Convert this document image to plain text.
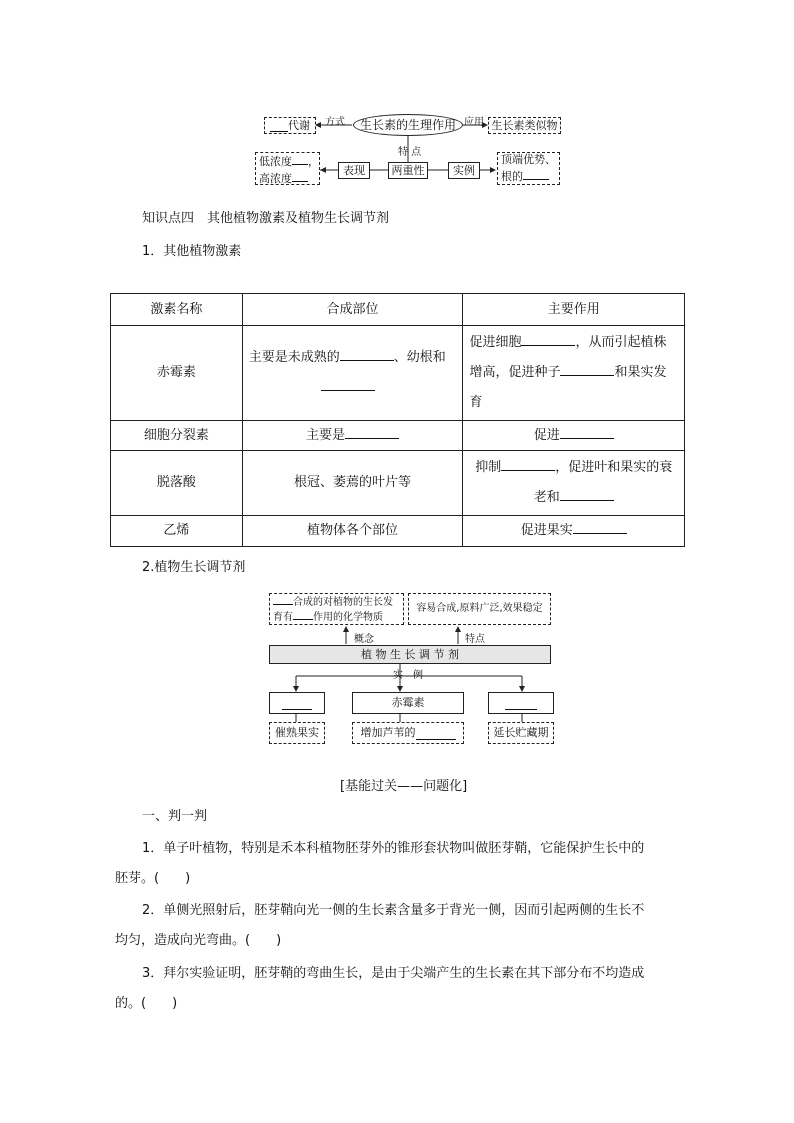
代谢 方式	生长素的生理作用 应用 生长素类似物
特 点
低浓度 ，
高浓度
表现	两重性	实例
顶端优势、
根的
知识点四　其他植物激素及植物生长调节剂
1．其他植物激素
激素名称	合成部位	主要作用
赤霉素	主要是未成熟的 、幼根和	促进细胞 ，从而引起植株增高，促进种子 和果实发育
细胞分裂素	主要是	促进
脱落酸	根冠、萎蔫的叶片等	抑制 ，促进叶和果实的衰老和
乙烯	植物体各个部位	促进果实
2.植物生长调节剂
合成的对植物的生长发
育有 作用的化学物质
容易合成,原料广泛,效果稳定
概念	特点
植 物 生 长 调 节 剂
实　例
赤霉素
催熟果实	增加芦苇的	延长贮藏期
[基能过关——问题化]
一、判一判
1．单子叶植物，特别是禾本科植物胚芽外的锥形套状物叫做胚芽鞘，它能保护生长中的
胚芽。(　　)
2．单侧光照射后，胚芽鞘向光一侧的生长素含量多于背光一侧，因而引起两侧的生长不
均匀，造成向光弯曲。(　　)
3．拜尔实验证明，胚芽鞘的弯曲生长，是由于尖端产生的生长素在其下部分布不均造成
的。(　　)
